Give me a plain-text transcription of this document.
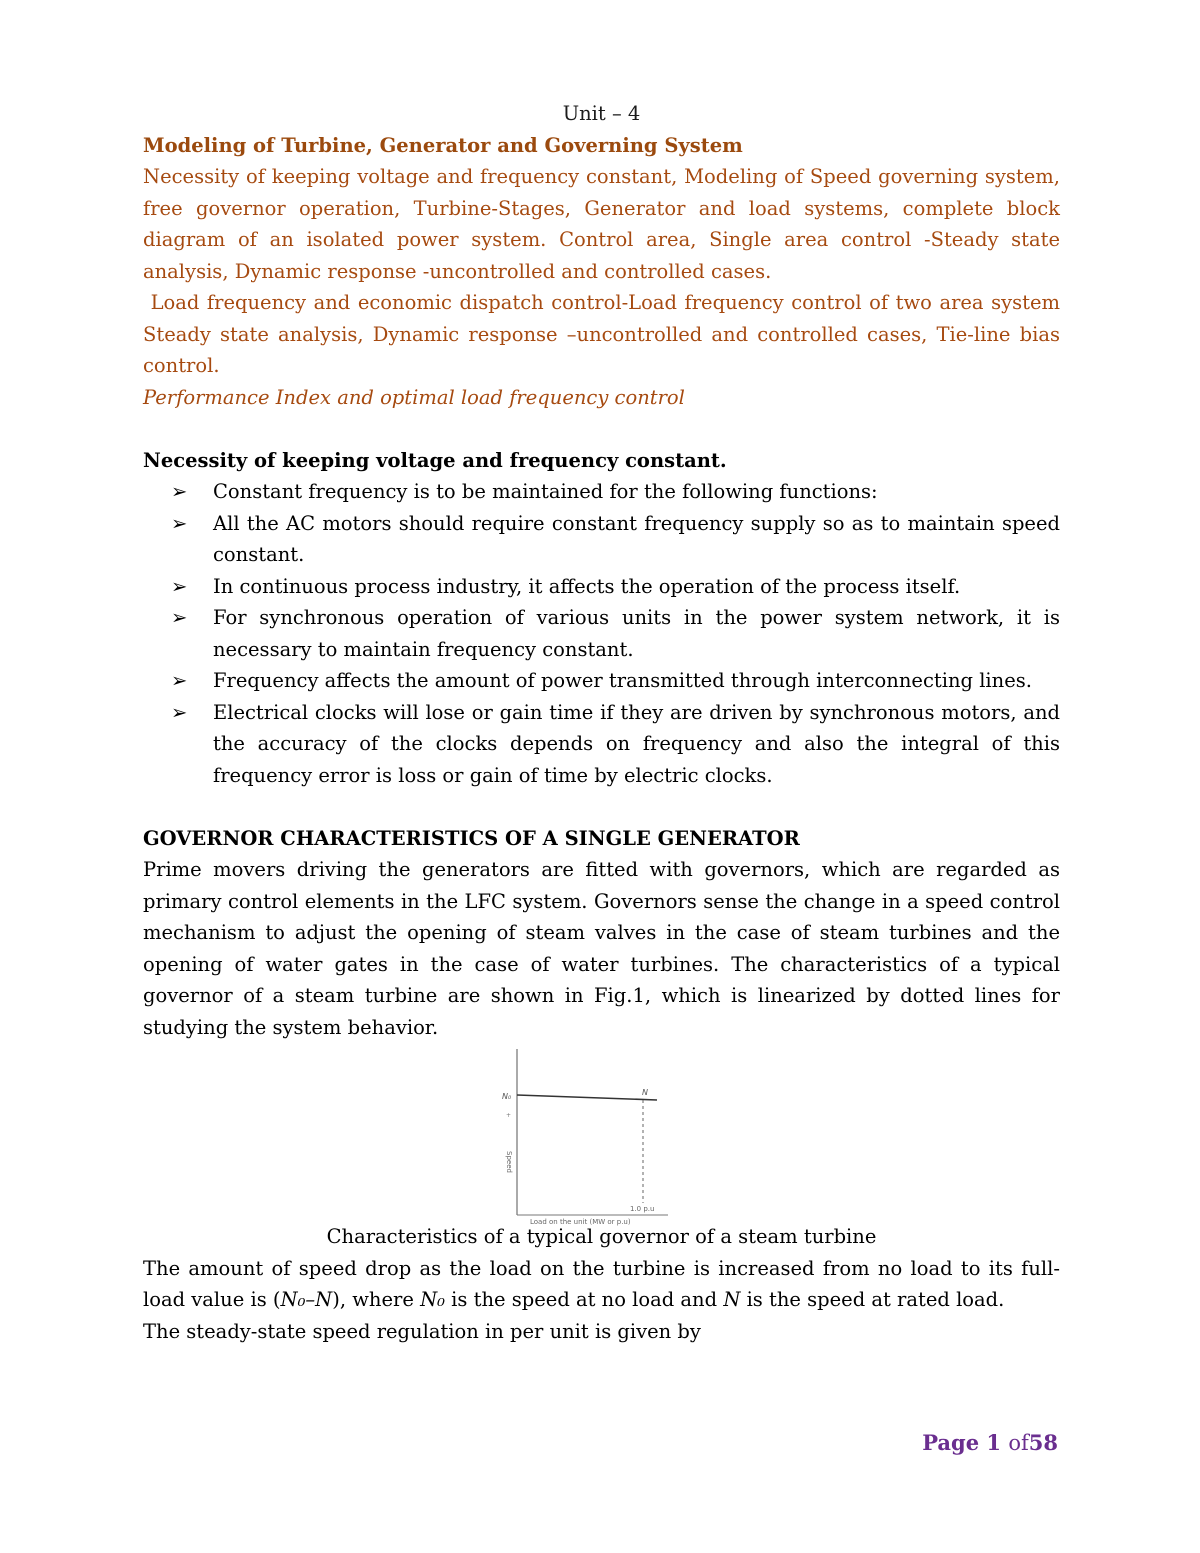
Unit – 4
Modeling of Turbine, Generator and Governing System

Necessity of keeping voltage and frequency constant, Modeling of Speed governing system, free governor operation, Turbine-Stages, Generator and load systems, complete block diagram of an isolated power system. Control area, Single area control -Steady state analysis, Dynamic response -uncontrolled and controlled cases.

Load frequency and economic dispatch control-Load frequency control of two area system Steady state analysis, Dynamic response –uncontrolled and controlled cases, Tie-line bias control.

Performance Index and optimal load frequency control

Necessity of keeping voltage and frequency constant.

➢	Constant frequency is to be maintained for the following functions:
➢	All the AC motors should require constant frequency supply so as to maintain speed constant.
➢	In continuous process industry, it affects the operation of the process itself.
➢	For synchronous operation of various units in the power system network, it is necessary to maintain frequency constant.
➢	Frequency affects the amount of power transmitted through interconnecting lines.
➢	Electrical clocks will lose or gain time if they are driven by synchronous motors, and the accuracy of the clocks depends on frequency and also the integral of this frequency error is loss or gain of time by electric clocks.

GOVERNOR CHARACTERISTICS OF A SINGLE GENERATOR

Prime movers driving the generators are fitted with governors, which are regarded as primary control elements in the LFC system. Governors sense the change in a speed control mechanism to adjust the opening of steam valves in the case of steam turbines and the opening of water gates in the case of water turbines. The characteristics of a typical governor of a steam turbine are shown in Fig.1, which is linearized by dotted lines for studying the system behavior.

N₀	N
+
Speed
1.0 p.u
Load on the unit (MW or p.u)

Characteristics of a typical governor of a steam turbine

The amount of speed drop as the load on the turbine is increased from no load to its full-load value is (N₀–N), where N₀ is the speed at no load and N is the speed at rated load.

The steady-state speed regulation in per unit is given by

Page 1 of58
